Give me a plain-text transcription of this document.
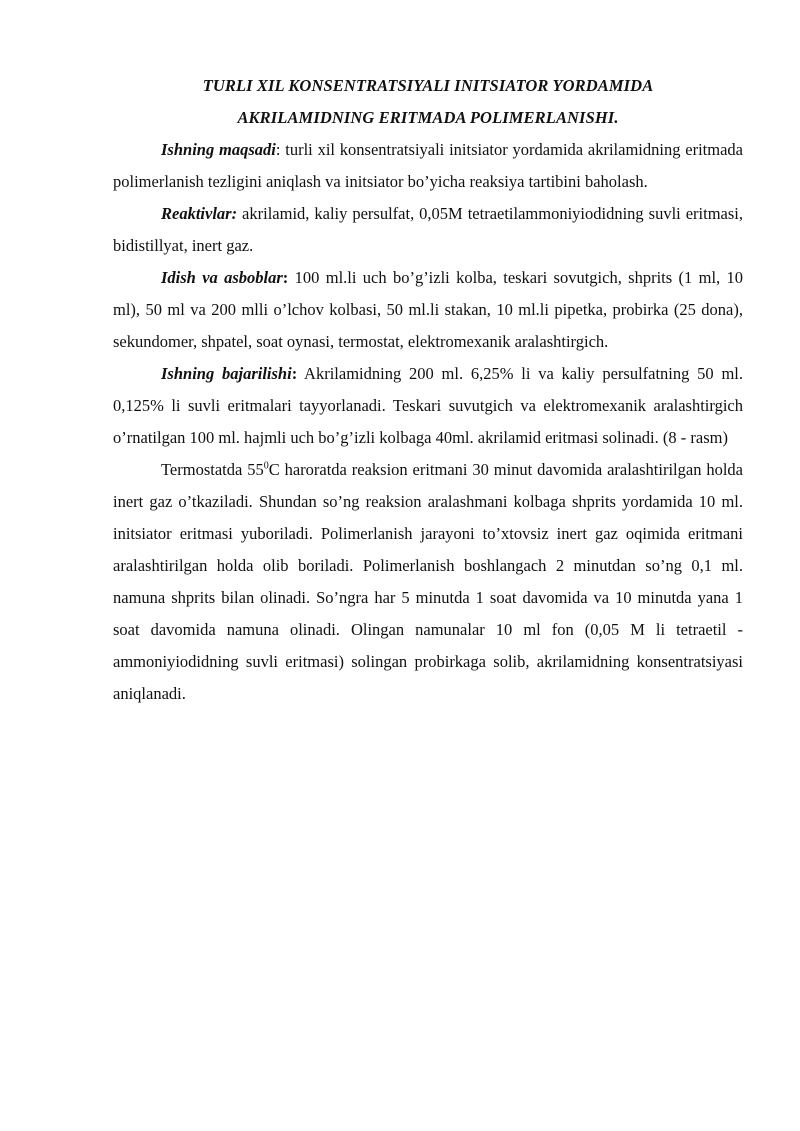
TURLI XIL KONSENTRATSIYALI INITSIATOR YORDAMIDA
AKRILAMIDNING ERITMADA POLIMERLANISHI.

Ishning maqsadi: turli xil konsentratsiyali initsiator yordamida akrilamidning eritmada polimerlanish tezligini aniqlash va initsiator bo’yicha reaksiya tartibini baholash.

Reaktivlar: akrilamid, kaliy persulfat, 0,05M tetraetilammoniyiodidning suvli eritmasi, bidistillyat, inert gaz.

Idish va asboblar: 100 ml.li uch bo’g’izli kolba, teskari sovutgich, shprits (1 ml, 10 ml), 50 ml va 200 mlli o’lchov kolbasi, 50 ml.li stakan, 10 ml.li pipetka, probirka (25 dona), sekundomer, shpatel, soat oynasi, termostat, elektromexanik aralashtirgich.

Ishning bajarilishi: Akrilamidning 200 ml. 6,25% li va kaliy persulfatning 50 ml. 0,125% li suvli eritmalari tayyorlanadi. Teskari suvutgich va elektromexanik aralashtirgich o’rnatilgan 100 ml. hajmli uch bo’g’izli kolbaga 40ml. akrilamid eritmasi solinadi. (8 - rasm)

Termostatda $55^0C$ haroratda reaksion eritmani 30 minut davomida aralashtirilgan holda inert gaz o’tkaziladi. Shundan so’ng reaksion aralashmani kolbaga shprits yordamida 10 ml. initsiator eritmasi yuboriladi. Polimerlanish jarayoni to’xtovsiz inert gaz oqimida eritmani aralashtirilgan holda olib boriladi. Polimerlanish boshlangach 2 minutdan so’ng 0,1 ml. namuna shprits bilan olinadi. So’ngra har 5 minutda 1 soat davomida va 10 minutda yana 1 soat davomida namuna olinadi. Olingan namunalar 10 ml fon (0,05 M li tetraetil - ammoniyiodidning suvli eritmasi) solingan probirkaga solib, akrilamidning konsentratsiyasi aniqlanadi.
